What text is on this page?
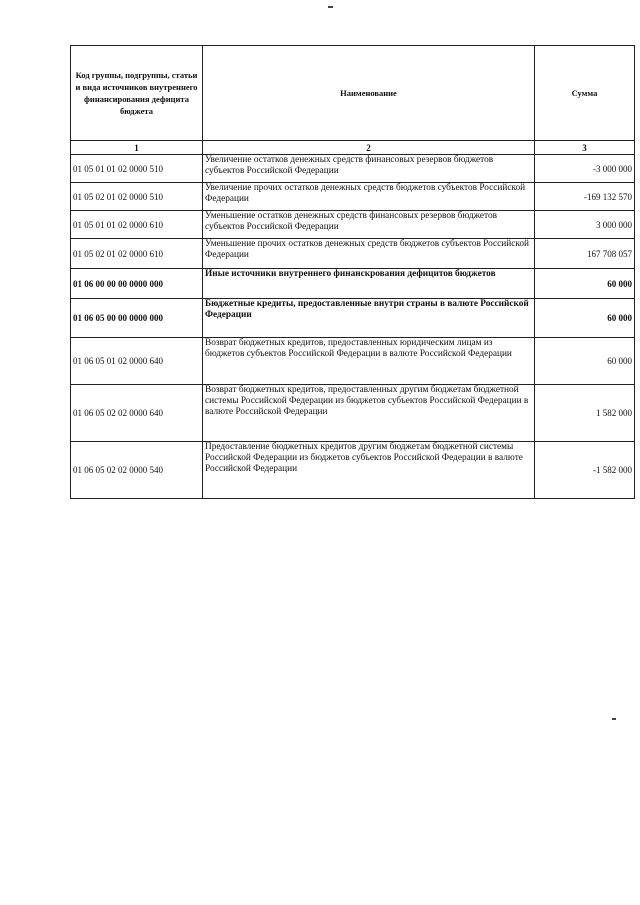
Код группы, подгруппы, статьи и вида источников внутреннего финансирования дефицита бюджета	Наименование	Сумма
1	2	3
01 05 01 01 02 0000 510	Увеличение остатков денежных средств финансовых резервов бюджетов субъектов Российской Федерации	-3 000 000
01 05 02 01 02 0000 510	Увеличение прочих остатков денежных средств бюджетов субъектов Российской Федерации	-169 132 570
01 05 01 01 02 0000 610	Уменьшение остатков денежных средств финансовых резервов бюджетов субъектов Российской Федерации	3 000 000
01 05 02 01 02 0000 610	Уменьшение прочих остатков денежных средств бюджетов субъектов Российской Федерации	167 708 057
01 06 00 00 00 0000 000	Иные источники внутреннего финанскрования дефицитов бюджетов	60 000
01 06 05 00 00 0000 000	Бюджетные кредиты, предоставленные внутри страны в валюте Российской Федерации	60 000
01 06 05 01 02 0000 640	Возврат бюджетных кредитов, предоставленных юридическим лицам из бюджетов субъектов Российской Федерации в валюте Российской Федерации	60 000
01 06 05 02 02 0000 640	Возврат бюджетных кредитов, предоставленных другим бюджетам бюджетной системы Российской Федерации из бюджетов субъектов Российской Федерации в валюте Российской Федерации	1 582 000
01 06 05 02 02 0000 540	Предоставление бюджетных кредитов другим бюджетам бюджетной системы Российской Федерации из бюджетов субъектов Российской Федерации в валюте Российской Федерации	-1 582 000
